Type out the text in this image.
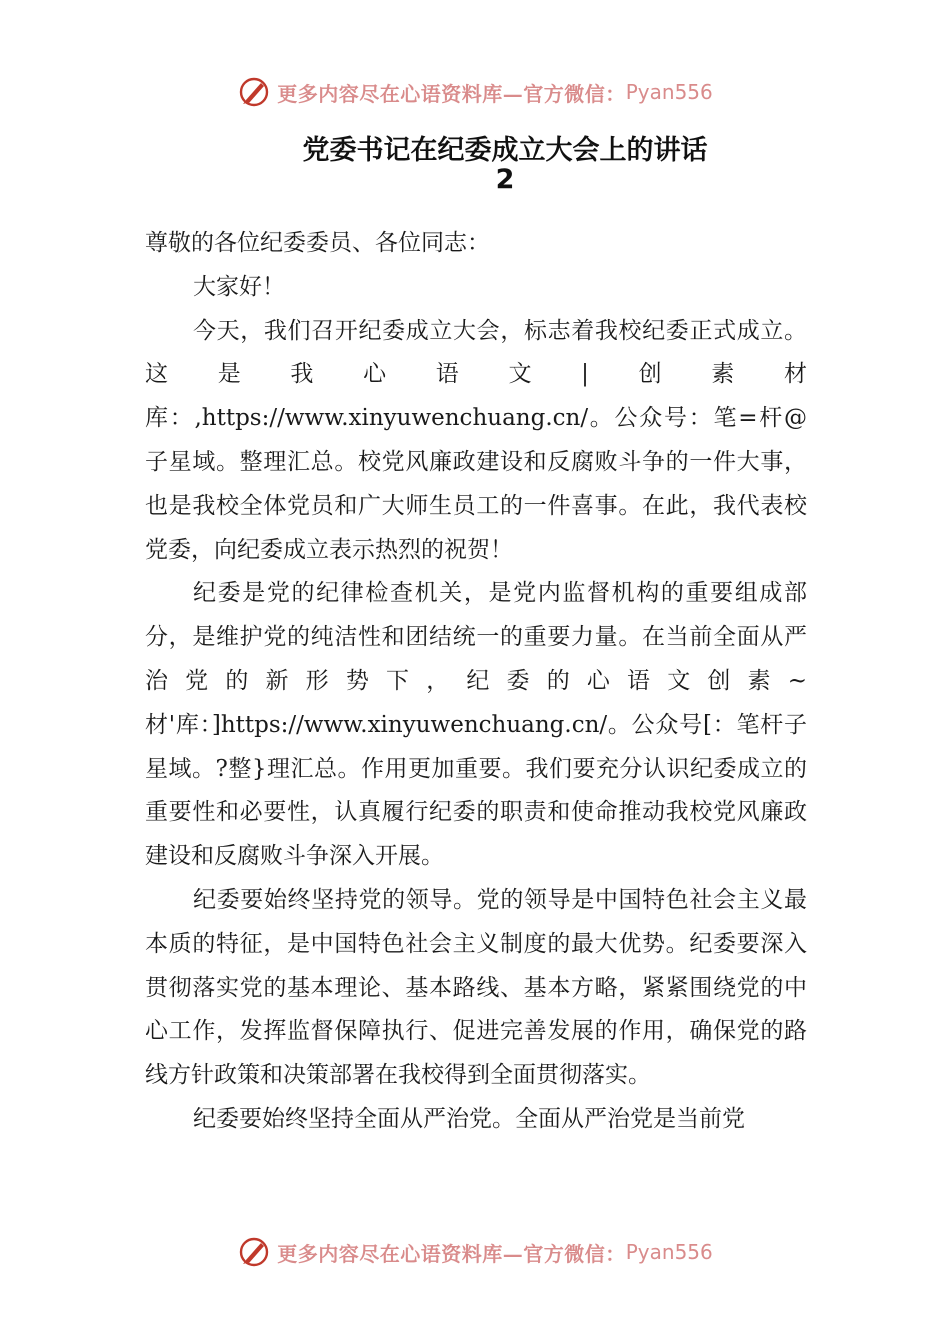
更多内容尽在心语资料库—官方微信： Pyan556
党委书记在纪委成立大会上的讲话
2

尊敬的各位纪委委员、各位同志：

大家好！

今天，我们召开纪委成立大会，标志着我校纪委正式成立。这是我心语文|创素材库：,https://www.xinyuwenchuang.cn/。公众号：笔=杆@子星域。整理汇总。校党风廉政建设和反腐败斗争的一件大事，也是我校全体党员和广大师生员工的一件喜事。在此，我代表校党委，向纪委成立表示热烈的祝贺！

纪委是党的纪律检查机关，是党内监督机构的重要组成部分，是维护党的纯洁性和团结统一的重要力量。在当前全面从严治党的新形势下，纪委的心语文创素~材'库：]https://www.xinyuwenchuang.cn/。公众号[：笔杆子星域。?整}理汇总。作用更加重要。我们要充分认识纪委成立的重要性和必要性，认真履行纪委的职责和使命推动我校党风廉政建设和反腐败斗争深入开展。

纪委要始终坚持党的领导。党的领导是中国特色社会主义最本质的特征，是中国特色社会主义制度的最大优势。纪委要深入贯彻落实党的基本理论、基本路线、基本方略，紧紧围绕党的中心工作，发挥监督保障执行、促进完善发展的作用，确保党的路线方针政策和决策部署在我校得到全面贯彻落实。

纪委要始终坚持全面从严治党。全面从严治党是当前党

更多内容尽在心语资料库—官方微信： Pyan556
